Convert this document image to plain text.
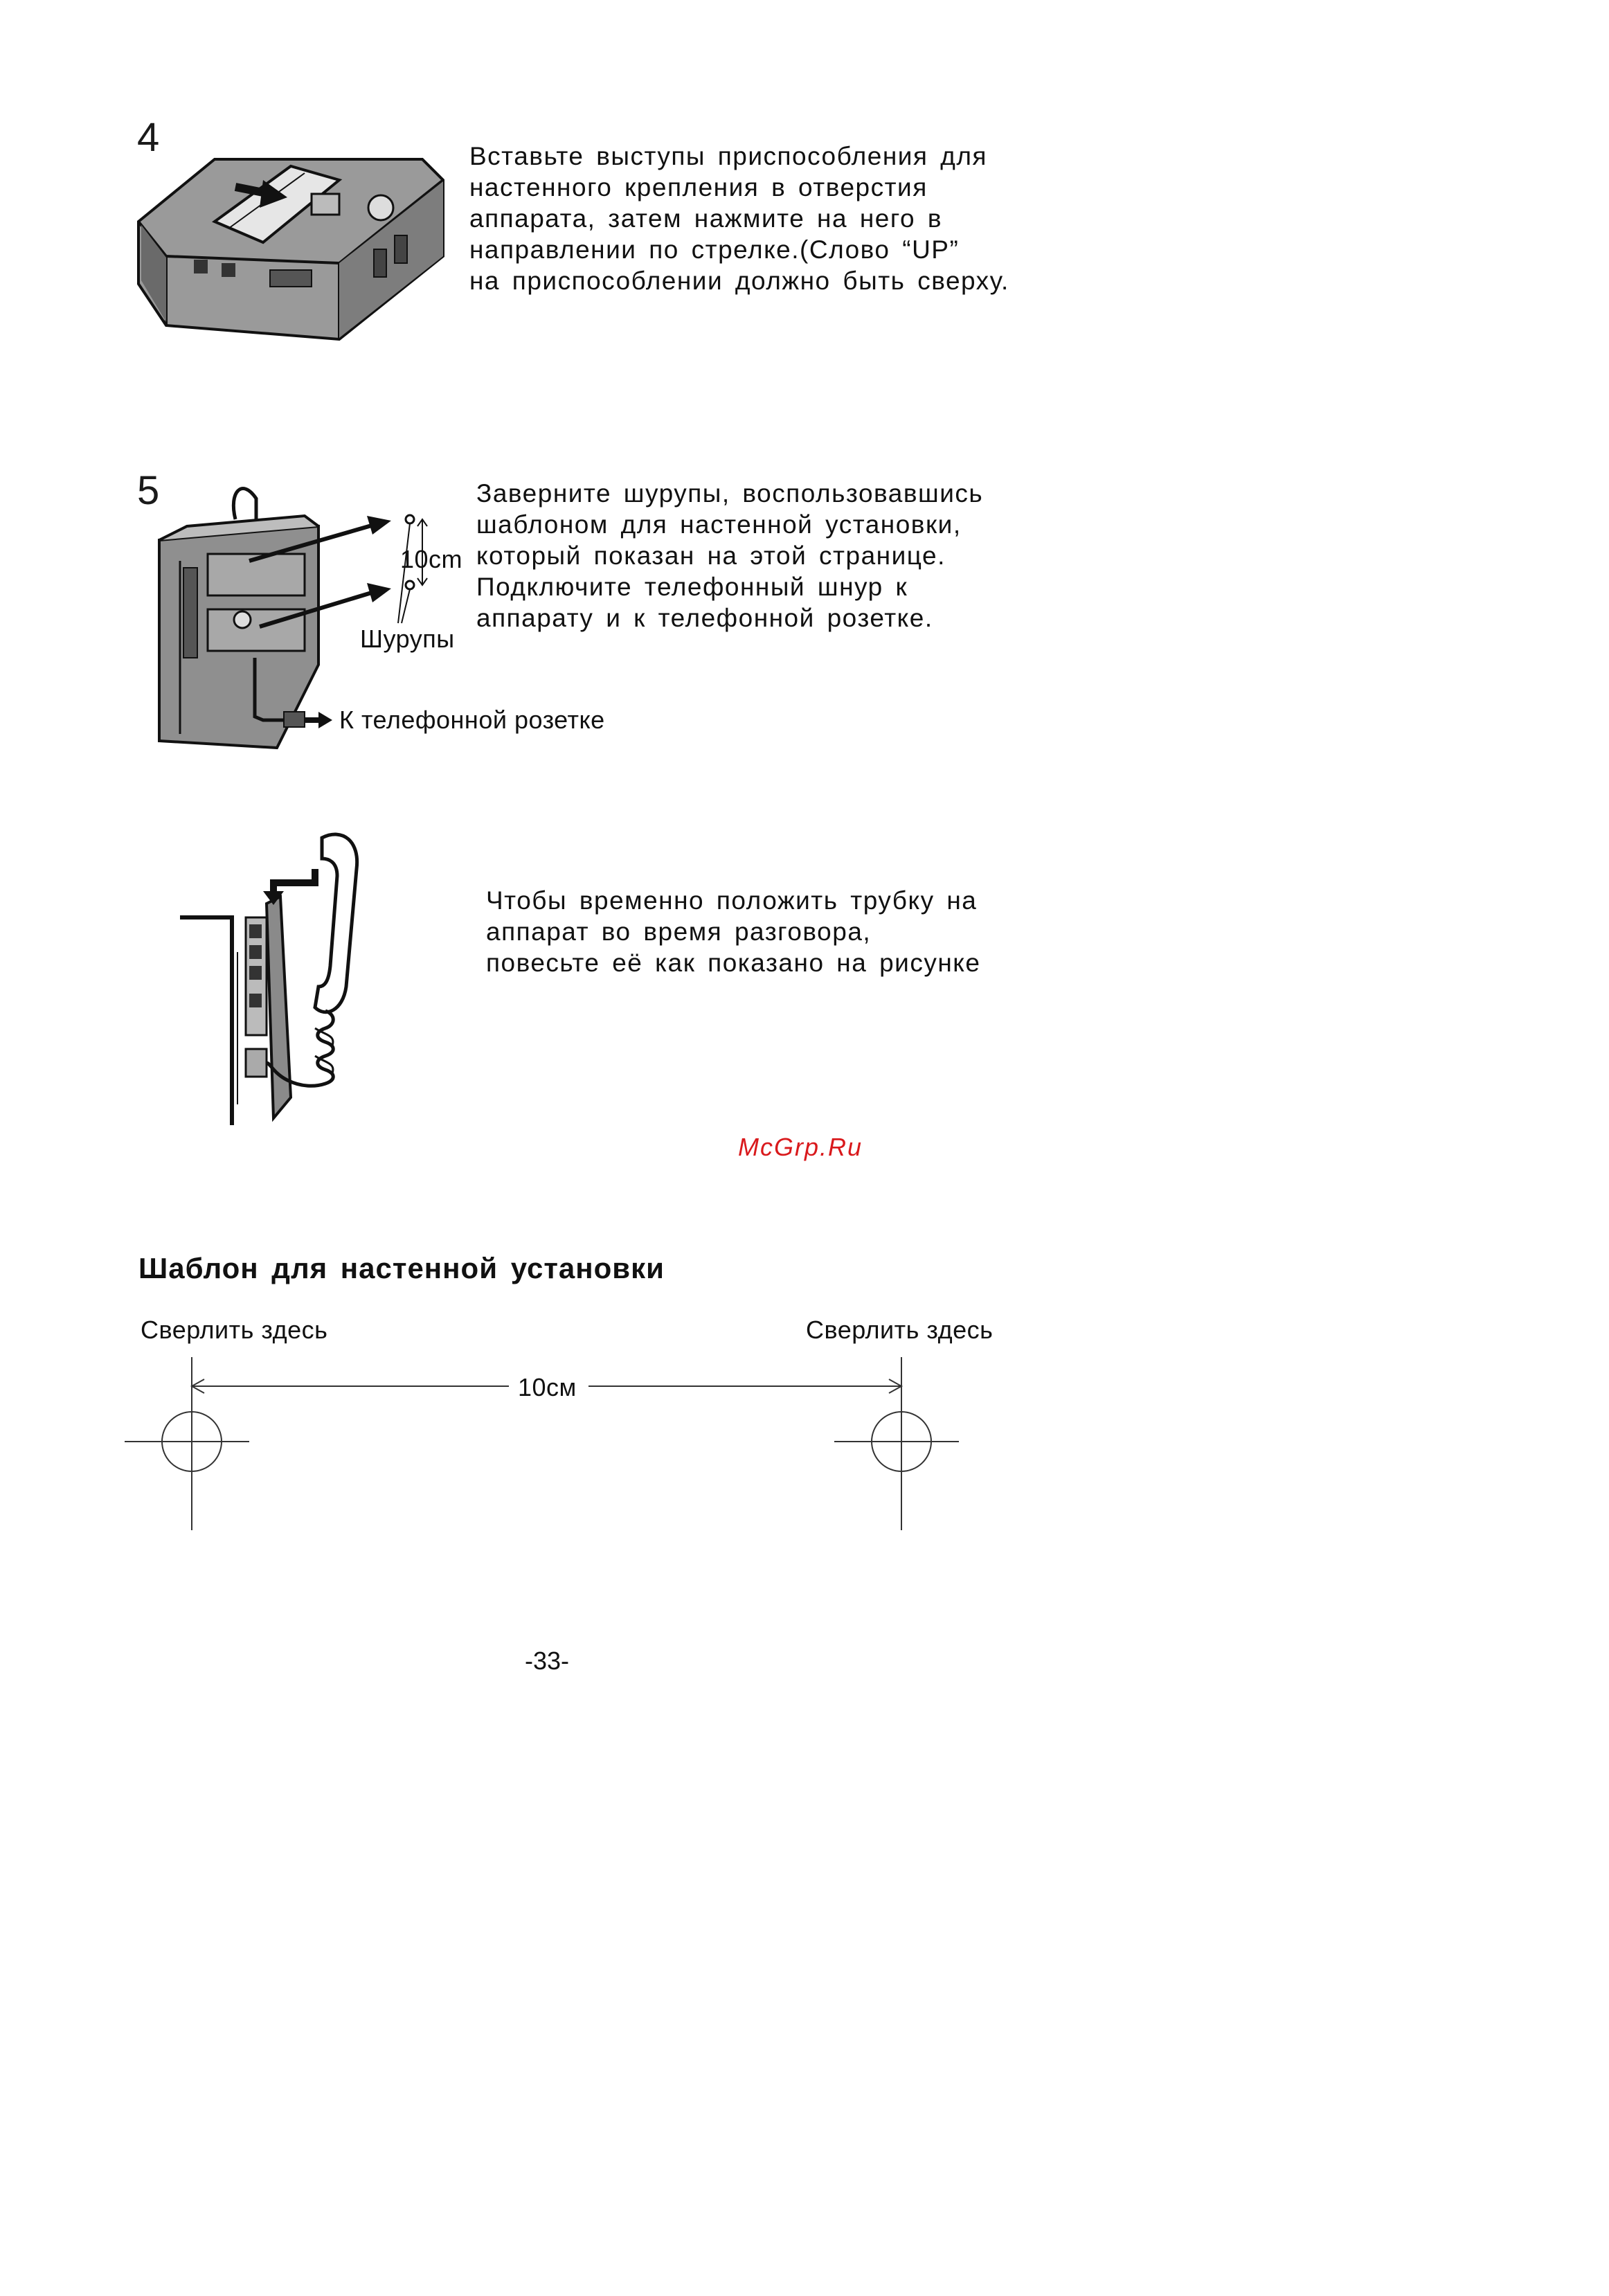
4	Вставьте выступы приспособления для
настенного крепления в отверстия
аппарата, затем нажмите на него в
направлении по стрелке.(Слово “UP”
на приспособлении должно быть сверху.
5
10cm
Шурупы
К телефонной розетке
Заверните шурупы, воспользовавшись
шаблоном для настенной установки,
который показан на этой странице.
Подключите телефонный шнур к
аппарату и к телефонной розетке.
Чтобы временно положить трубку на
аппарат во время разговора,
повесьте её как показано на рисунке
McGrp.Ru
Шаблон для настенной установки
Сверлить здесь	Сверлить здесь
10см
-33-
